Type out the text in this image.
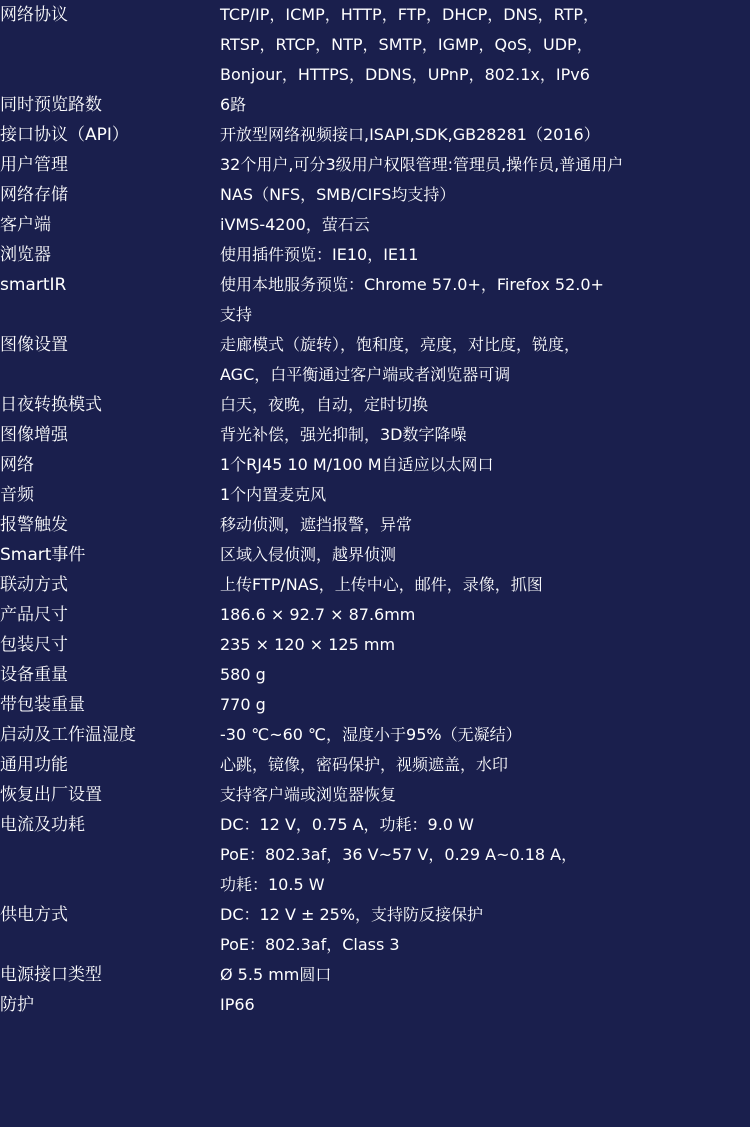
网络协议	TCP/IP，ICMP，HTTP，FTP，DHCP，DNS，RTP，
RTSP，RTCP，NTP，SMTP，IGMP，QoS，UDP，
Bonjour，HTTPS，DDNS，UPnP，802.1x，IPv6

同时预览路数	6路

接口协议（API）	开放型网络视频接口,ISAPI,SDK,GB28281（2016）

用户管理	32个用户,可分3级用户权限管理:管理员,操作员,普通用户

网络存储	NAS（NFS，SMB/CIFS均支持）

客户端	iVMS-4200，萤石云

浏览器	使用插件预览：IE10，IE11

smartIR	使用本地服务预览：Chrome 57.0+，Firefox 52.0+
支持

图像设置	走廊模式（旋转），饱和度，亮度，对比度，锐度，
AGC，白平衡通过客户端或者浏览器可调

日夜转换模式	白天，夜晚，自动，定时切换

图像增强	背光补偿，强光抑制，3D数字降噪

网络	1个RJ45 10 M/100 M自适应以太网口

音频	1个内置麦克风

报警触发	移动侦测，遮挡报警，异常

Smart事件	区域入侵侦测，越界侦测

联动方式	上传FTP/NAS，上传中心，邮件，录像，抓图

产品尺寸	186.6 × 92.7 × 87.6mm

包装尺寸	235 × 120 × 125 mm

设备重量	580 g

带包装重量	770 g

启动及工作温湿度	-30 ℃~60 ℃，湿度小于95%（无凝结）

通用功能	心跳，镜像，密码保护，视频遮盖，水印

恢复出厂设置	支持客户端或浏览器恢复

电流及功耗	DC：12 V，0.75 A，功耗：9.0 W
PoE：802.3af，36 V~57 V，0.29 A~0.18 A，
功耗：10.5 W

供电方式	DC：12 V ± 25%，支持防反接保护
PoE：802.3af，Class 3

电源接口类型	Ø 5.5 mm圆口

防护	IP66
